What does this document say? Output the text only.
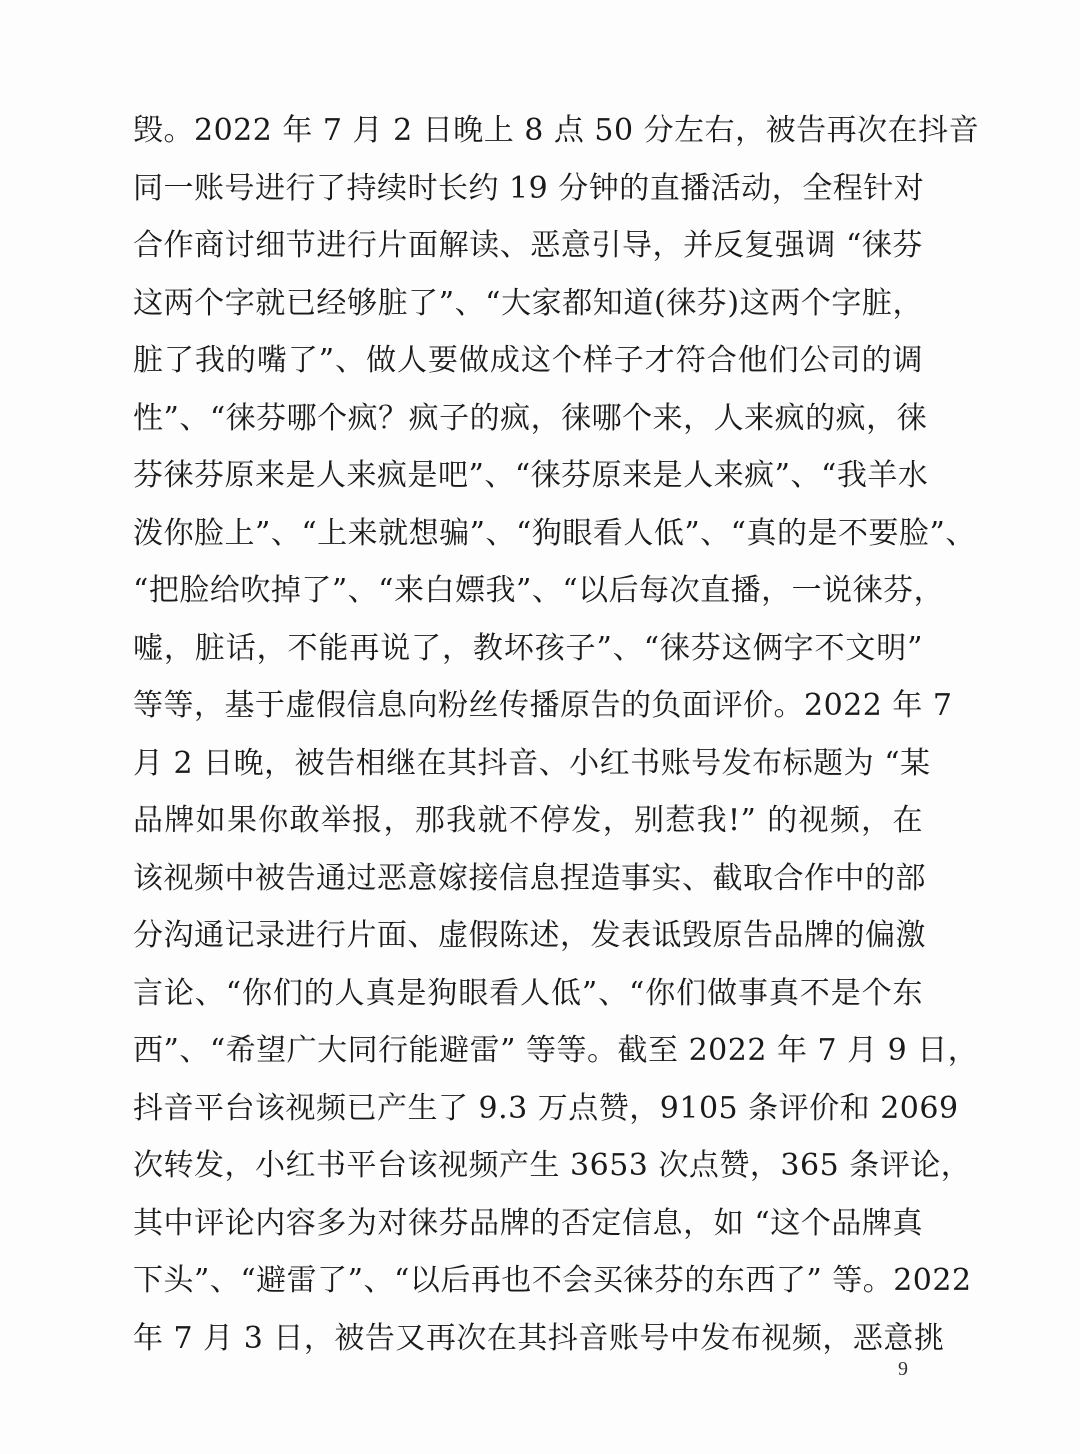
毁。2022 年 7 月 2 日晚上 8 点 50 分左右，被告再次在抖音
同一账号进行了持续时长约 19 分钟的直播活动，全程针对
合作商讨细节进行片面解读、恶意引导，并反复强调 “徕芬
这两个字就已经够脏了”、“大家都知道(徕芬)这两个字脏，
脏了我的嘴了”、做人要做成这个样子才符合他们公司的调
性”、“徕芬哪个疯？疯子的疯，徕哪个来，人来疯的疯，徕
芬徕芬原来是人来疯是吧”、“徕芬原来是人来疯”、“我羊水
泼你脸上”、“上来就想骗”、“狗眼看人低”、“真的是不要脸”、
“把脸给吹掉了”、“来白嫖我”、“以后每次直播，一说徕芬，
嘘，脏话，不能再说了，教坏孩子”、“徕芬这俩字不文明”
等等，基于虚假信息向粉丝传播原告的负面评价。2022 年 7
月 2 日晚，被告相继在其抖音、小红书账号发布标题为 “某
品牌如果你敢举报，那我就不停发，别惹我!” 的视频，在
该视频中被告通过恶意嫁接信息捏造事实、截取合作中的部
分沟通记录进行片面、虚假陈述，发表诋毁原告品牌的偏激
言论、“你们的人真是狗眼看人低”、“你们做事真不是个东
西”、“希望广大同行能避雷” 等等。截至 2022 年 7 月 9 日，
抖音平台该视频已产生了 9.3 万点赞，9105 条评价和 2069
次转发，小红书平台该视频产生 3653 次点赞，365 条评论，
其中评论内容多为对徕芬品牌的否定信息，如 “这个品牌真
下头”、“避雷了”、“以后再也不会买徕芬的东西了” 等。2022
年 7 月 3 日，被告又再次在其抖音账号中发布视频，恶意挑
9
